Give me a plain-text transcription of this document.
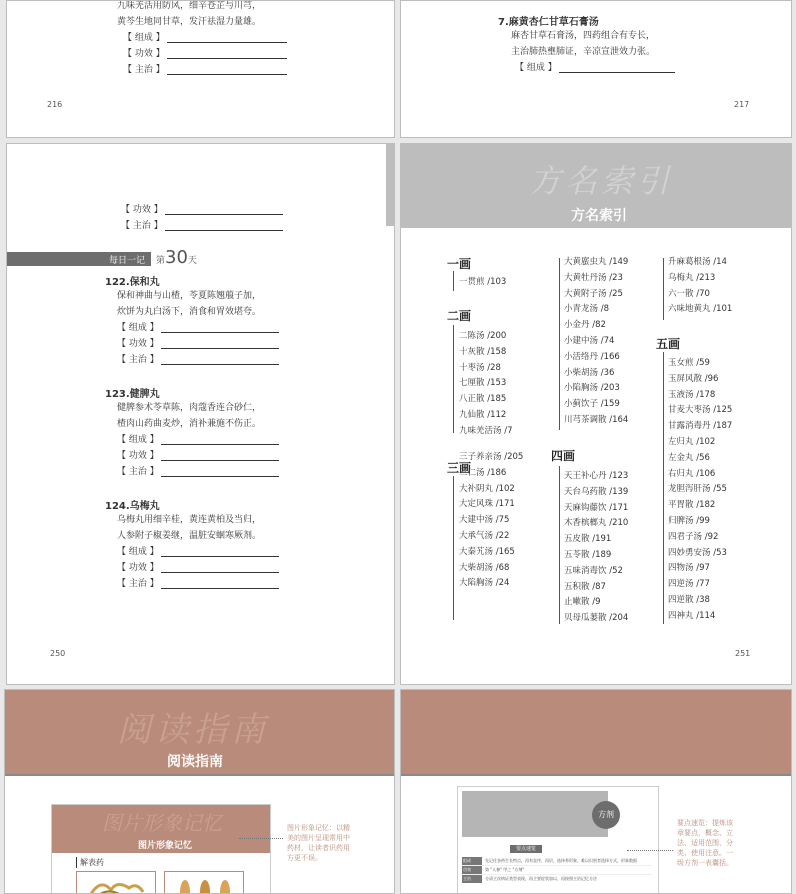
九味羌活用防风，细辛苍芷与川芎，
黄芩生地同甘草，发汗祛湿力量雄。
【 组成 】
【 功效 】
【 主治 】
216
7.麻黄杏仁甘草石膏汤
麻杏甘草石膏汤，四药组合有专长，
主治肺热壅肺证，辛凉宣泄效力张。
【 组成 】
217
【 功效 】
【 主治 】
每日一记 第30天
122.保和丸
保和神曲与山楂，苓夏陈翘菔子加，
炊饼为丸白汤下，消食和胃效堪夸。
【 组成 】
【 功效 】
【 主治 】
123.健脾丸
健脾参术苓草陈，肉蔻香连合砂仁，
楂肉山药曲麦炒，消补兼施不伤正。
【 组成 】
【 功效 】
【 主治 】
124.乌梅丸
乌梅丸用细辛桂，黄连黄柏及当归，
人参附子椒姜继，温脏安蛔寒厥剂。
【 组成 】
【 功效 】
【 主治 】
250
方名索引
方名索引
一画
一贯煎 /103
二画
二陈汤 /200
十灰散 /158
十枣汤 /28
七厘散 /153
八正散 /185
九仙散 /112
九味羌活汤 /7
三画
三子养亲汤 /205
三仁汤 /186
大补阴丸 /102
大定风珠 /171
大建中汤 /75
大承气汤 /22
大秦艽汤 /165
大柴胡汤 /68
大陷胸汤 /24
大黄䗪虫丸 /149
大黄牡丹汤 /23
大黄附子汤 /25
小青龙汤 /8
小金丹 /82
小建中汤 /74
小活络丹 /166
小柴胡汤 /36
小陷胸汤 /203
小蓟饮子 /159
川芎茶调散 /164
四画
天王补心丹 /123
天台乌药散 /139
天麻钩藤饮 /171
木香槟榔丸 /210
五皮散 /191
五苓散 /189
五味消毒饮 /52
五积散 /87
止嗽散 /9
贝母瓜蒌散 /204
升麻葛根汤 /14
乌梅丸 /213
六一散 /70
六味地黄丸 /101
五画
玉女煎 /59
玉屏风散 /96
玉液汤 /178
甘麦大枣汤 /125
甘露消毒丹 /187
左归丸 /102
左金丸 /56
右归丸 /106
龙胆泻肝汤 /55
平胃散 /182
归脾汤 /99
四君子汤 /92
四妙勇安汤 /53
四物汤 /97
四逆汤 /77
四逆散 /38
四神丸 /114
251
阅读指南
阅读指南
图片形象记忆
图片形象记忆
解表药
图片形象记忆：以精
美的图片呈现常用中
药材，让读者识药用
方更不误。
方剂
要点速览
组成	先记住各药生长特点，再有直序，再层，选择养形象，难以识别者选择方式，形象数据
功效	第 "人参" 甲之 "方剂"
主治	分清主次病证类型表现，再主要症状加以，再按照主治记忆方法
要点速览：提炼该
章要点，概念、立
法、适用范围、分
类、使用注意。一
级方剂一表囊括。
